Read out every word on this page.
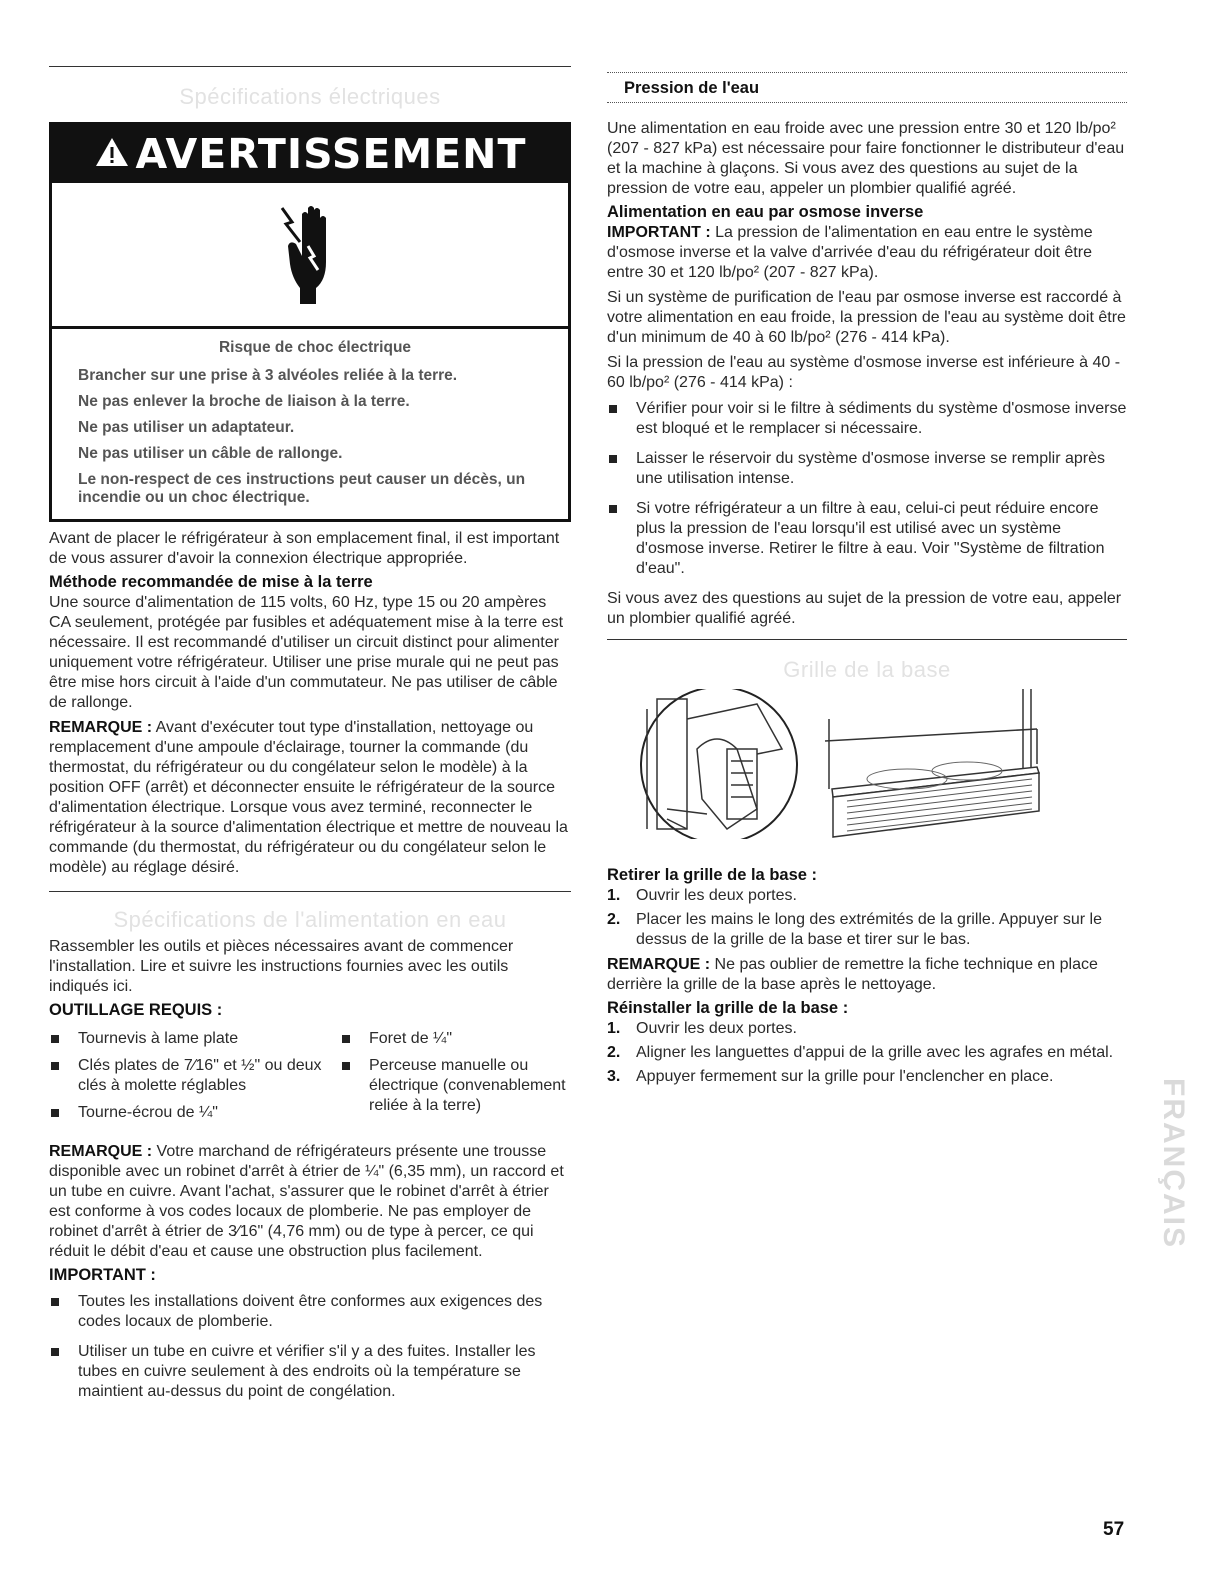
Spécifications électriques
AVERTISSEMENT

Risque de choc électrique

Brancher sur une prise à 3 alvéoles reliée à la terre.

Ne pas enlever la broche de liaison à la terre.

Ne pas utiliser un adaptateur.

Ne pas utiliser un câble de rallonge.

Le non-respect de ces instructions peut causer un décès, un incendie ou un choc électrique.

Avant de placer le réfrigérateur à son emplacement final, il est important de vous assurer d'avoir la connexion électrique appropriée.

Méthode recommandée de mise à la terre

Une source d'alimentation de 115 volts, 60 Hz, type 15 ou 20 ampères CA seulement, protégée par fusibles et adéquatement mise à la terre est nécessaire. Il est recommandé d'utiliser un circuit distinct pour alimenter uniquement votre réfrigérateur. Utiliser une prise murale qui ne peut pas être mise hors circuit à l'aide d'un commutateur. Ne pas utiliser de câble de rallonge.

REMARQUE : Avant d'exécuter tout type d'installation, nettoyage ou remplacement d'une ampoule d'éclairage, tourner la commande (du thermostat, du réfrigérateur ou du congélateur selon le modèle) à la position OFF (arrêt) et déconnecter ensuite le réfrigérateur de la source d'alimentation électrique. Lorsque vous avez terminé, reconnecter le réfrigérateur à la source d'alimentation électrique et mettre de nouveau la commande (du thermostat, du réfrigérateur ou du congélateur selon le modèle) au réglage désiré.

Spécifications de l'alimentation en eau

Rassembler les outils et pièces nécessaires avant de commencer l'installation. Lire et suivre les instructions fournies avec les outils indiqués ici.

OUTILLAGE REQUIS :

Tournevis à lame plate
Clés plates de 7⁄16" et ½" ou deux clés à molette réglables
Tourne-écrou de ¼"
Foret de ¼"
Perceuse manuelle ou électrique (convenablement reliée à la terre)

REMARQUE : Votre marchand de réfrigérateurs présente une trousse disponible avec un robinet d'arrêt à étrier de ¼" (6,35 mm), un raccord et un tube en cuivre. Avant l'achat, s'assurer que le robinet d'arrêt à étrier est conforme à vos codes locaux de plomberie. Ne pas employer de robinet d'arrêt à étrier de 3⁄16" (4,76 mm) ou de type à percer, ce qui réduit le débit d'eau et cause une obstruction plus facilement.

IMPORTANT :

Toutes les installations doivent être conformes aux exigences des codes locaux de plomberie.
Utiliser un tube en cuivre et vérifier s'il y a des fuites. Installer les tubes en cuivre seulement à des endroits où la température se maintient au-dessus du point de congélation.

Pression de l'eau

Une alimentation en eau froide avec une pression entre 30 et 120 lb/po² (207 - 827 kPa) est nécessaire pour faire fonctionner le distributeur d'eau et la machine à glaçons. Si vous avez des questions au sujet de la pression de votre eau, appeler un plombier qualifié agréé.

Alimentation en eau par osmose inverse

IMPORTANT : La pression de l'alimentation en eau entre le système d'osmose inverse et la valve d'arrivée d'eau du réfrigérateur doit être entre 30 et 120 lb/po² (207 - 827 kPa).

Si un système de purification de l'eau par osmose inverse est raccordé à votre alimentation en eau froide, la pression de l'eau au système doit être d'un minimum de 40 à 60 lb/po² (276 - 414 kPa).

Si la pression de l'eau au système d'osmose inverse est inférieure à 40 - 60 lb/po² (276 - 414 kPa) :

Vérifier pour voir si le filtre à sédiments du système d'osmose inverse est bloqué et le remplacer si nécessaire.
Laisser le réservoir du système d'osmose inverse se remplir après une utilisation intense.
Si votre réfrigérateur a un filtre à eau, celui-ci peut réduire encore plus la pression de l'eau lorsqu'il est utilisé avec un système d'osmose inverse. Retirer le filtre à eau. Voir "Système de filtration d'eau".

Si vous avez des questions au sujet de la pression de votre eau, appeler un plombier qualifié agréé.

Grille de la base

Retirer la grille de la base :

1. Ouvrir les deux portes.
2. Placer les mains le long des extrémités de la grille. Appuyer sur le dessus de la grille de la base et tirer sur le bas.

REMARQUE : Ne pas oublier de remettre la fiche technique en place derrière la grille de la base après le nettoyage.

Réinstaller la grille de la base :

1. Ouvrir les deux portes.
2. Aligner les languettes d'appui de la grille avec les agrafes en métal.
3. Appuyer fermement sur la grille pour l'enclencher en place.
FRANÇAIS
57
